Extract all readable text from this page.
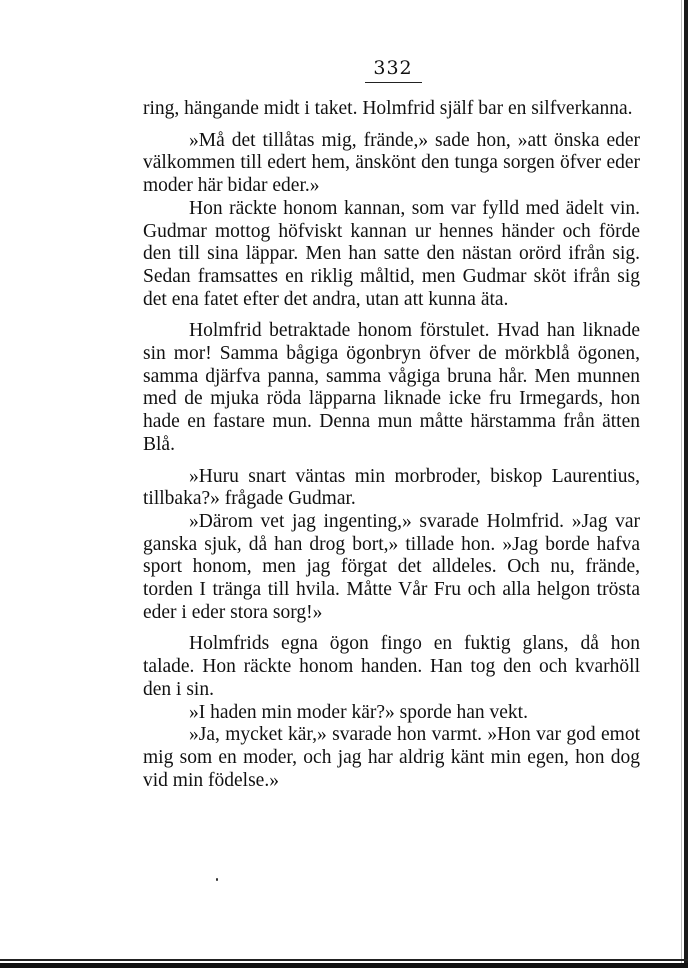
332

ring, hängande midt i taket. Holmfrid själf bar en silfverkanna.

»Må det tillåtas mig, frände,» sade hon, »att önska eder välkommen till edert hem, änskönt den tunga sorgen öfver eder moder här bidar eder.»

Hon räckte honom kannan, som var fylld med ädelt vin. Gudmar mottog höfviskt kannan ur hennes händer och förde den till sina läppar. Men han satte den nästan orörd ifrån sig. Sedan framsattes en riklig måltid, men Gudmar sköt ifrån sig det ena fatet efter det andra, utan att kunna äta.

Holmfrid betraktade honom förstulet. Hvad han liknade sin mor! Samma bågiga ögonbryn öfver de mörkblå ögonen, samma djärfva panna, samma vågiga bruna hår. Men munnen med de mjuka röda läpparna liknade icke fru Irmegards, hon hade en fastare mun. Denna mun måtte härstamma från ätten Blå.

»Huru snart väntas min morbroder, biskop Laurentius, tillbaka?» frågade Gudmar.

»Därom vet jag ingenting,» svarade Holmfrid. »Jag var ganska sjuk, då han drog bort,» tillade hon. »Jag borde hafva sport honom, men jag förgat det alldeles. Och nu, frände, torden I tränga till hvila. Måtte Vår Fru och alla helgon trösta eder i eder stora sorg!»

Holmfrids egna ögon fingo en fuktig glans, då hon talade. Hon räckte honom handen. Han tog den och kvarhöll den i sin.

»I haden min moder kär?» sporde han vekt.

»Ja, mycket kär,» svarade hon varmt. »Hon var god emot mig som en moder, och jag har aldrig känt min egen, hon dog vid min födelse.»
